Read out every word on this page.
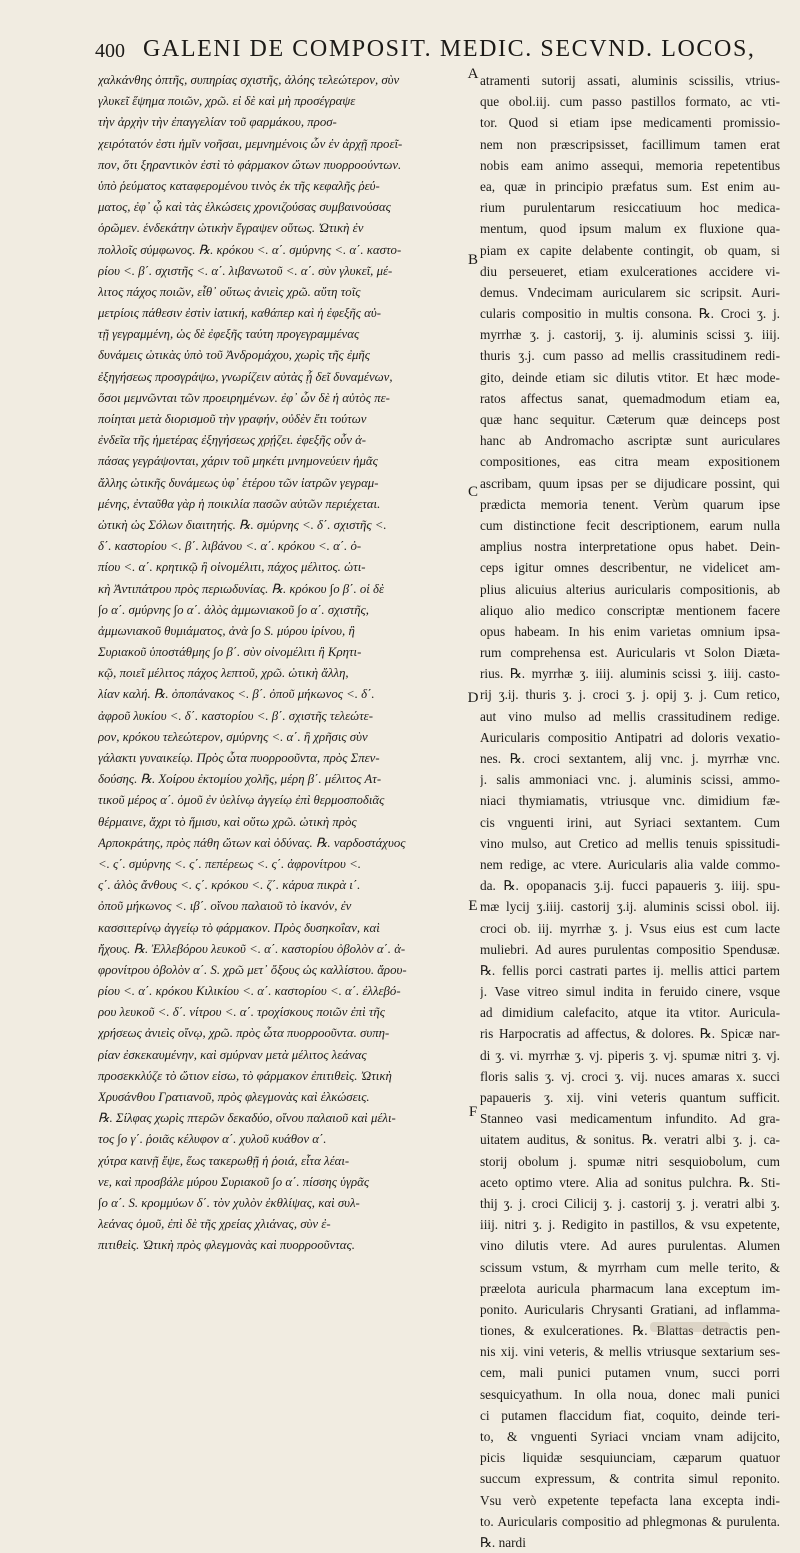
400 GALENI DE COMPOSIT. MEDIC. SECVND. LOCOS,
χαλκάνθης ὀπτῆς, συπηρίας σχιστῆς, ἀλόης τελεώτερον, σὺν
γλυκεῖ ἕψημα ποιῶν, χρῶ. εἰ δὲ καὶ μὴ προσέγραψε
τὴν ἀρχὴν τὴν ἐπαγγελίαν τοῦ φαρμάκου, προσ-
χειρότατόν ἐστι ἡμῖν νοῆσαι, μεμνημένοις ὧν ἐν ἀρχῇ προεῖ-
πον, ὅτι ξηραντικὸν ἐστὶ τὸ φάρμακον ὤτων πυορροούντων.
ὑπὸ ῥεύματος καταφερομένου τινὸς ἐκ τῆς κεφαλῆς ῥεύ-
ματος, ἐφ᾽ ᾧ καὶ τὰς ἑλκώσεις χρονιζούσας συμβαινούσας
ὁρῶμεν. ἑνδεκάτην ὠτικὴν ἔγραψεν οὕτως. Ὠτικὴ ἐν
πολλοῖς σύμφωνος. ℞. κρόκου <. α΄. σμύρνης <. α΄. καστο-
ρίου <. β΄. σχιστῆς <. α΄. λιβανωτοῦ <. α΄. σὺν γλυκεῖ, μέ-
λιτος πάχος ποιῶν, εἶθ᾽ οὕτως ἀνιεὶς χρῶ. αὕτη τοῖς
μετρίοις πάθεσιν ἐστὶν ἰατική, καθάπερ καὶ ἡ ἐφεξῆς αὐ-
τῇ γεγραμμένη, ὡς δὲ ἐφεξῆς ταύτη προγεγραμμένας
δυνάμεις ὠτικὰς ὑπὸ τοῦ Ἀνδρομάχου, χωρὶς τῆς ἐμῆς
ἐξηγήσεως προσγράψω, γνωρίζειν αὐτὰς ᾗ δεῖ δυναμένων,
ὅσοι μεμνῶνται τῶν προειρημένων. ἐφ᾽ ὧν δὲ ἡ αὐτὸς πε-
ποίηται μετὰ διορισμοῦ τὴν γραφήν, οὐδὲν ἔτι τούτων
ἐνδεῖα τῆς ἡμετέρας ἐξηγήσεως χρῄζει. ἐφεξῆς οὖν ἁ-
πάσας γεγράψονται, χάριν τοῦ μηκέτι μνημονεύειν ἡμᾶς
ἄλλης ὠτικῆς δυνάμεως ὑφ᾽ ἑτέρου τῶν ἰατρῶν γεγραμ-
μένης, ἐνταῦθα γὰρ ἡ ποικιλία πασῶν αὐτῶν περιέχεται.
ὠτικὴ ὡς Σόλων διαιτητής. ℞. σμύρνης <. δ΄. σχιστῆς <.
δ΄. καστορίου <. β΄. λιβάνου <. α΄. κρόκου <. α΄. ὀ-
πίου <. α΄. κρητικῷ ἢ οἰνομέλιτι, πάχος μέλιτος. ὠτι-
κὴ Ἀντιπάτρου πρὸς περιωδυνίας. ℞. κρόκου ∫ο β΄. οἱ δὲ
∫ο α΄. σμύρνης ∫ο α΄. ἁλὸς ἀμμωνιακοῦ ∫ο α΄. σχιστῆς,
ἀμμωνιακοῦ θυμιάματος, ἀνὰ ∫ο S. μύρου ἰρίνου, ἢ
Συριακοῦ ὑποστάθμης ∫ο β΄. σὺν οἰνομέλιτι ἢ Κρητι-
κῷ, ποιεῖ μέλιτος πάχος λεπτοῦ, χρῶ. ὠτικὴ ἄλλη,
λίαν καλή. ℞. ὀποπάνακος <. β΄. ὀποῦ μήκωνος <. δ΄.
ἀφροῦ λυκίου <. δ΄. καστορίου <. β΄. σχιστῆς τελεώτε-
ρον, κρόκου τελεώτερον, σμύρνης <. α΄. ἢ χρῆσις σὺν
γάλακτι γυναικείῳ. Πρὸς ὦτα πυορροοῦντα, πρὸς Σπεν-
δούσης. ℞. Χοίρου ἐκτομίου χολῆς, μέρη β΄. μέλιτος Ατ-
τικοῦ μέρος α΄. ὁμοῦ ἐν ὑελίνῳ ἀγγείῳ ἐπὶ θερμοσποδιᾶς
θέρμαινε, ἄχρι τὸ ἥμισυ, καὶ οὕτω χρῶ. ὠτικὴ πρὸς
Αρποκράτης, πρὸς πάθη ὤτων καὶ ὀδύνας. ℞. ναρδοστάχυος
<. ς΄. σμύρνης <. ς΄. πεπέρεως <. ς΄. ἀφρονίτρου <.
ς΄. ἁλὸς ἄνθους <. ς΄. κρόκου <. ζ΄. κάρυα πικρὰ ι΄.
ὀποῦ μήκωνος <. ιβ΄. οἴνου παλαιοῦ τὸ ἱκανόν, ἐν
κασσιτερίνῳ ἀγγείῳ τὸ φάρμακον. Πρὸς δυσηκοΐαν, καὶ
ἤχους. ℞. Ἐλλεβόρου λευκοῦ <. α΄. καστορίου ὀβολὸν α΄. ἀ-
φρονίτρου ὀβολὸν α΄. S. χρῶ μετ᾽ ὄξους ὡς καλλίστου. ἄρου-
ρίου <. α΄. κρόκου Κιλικίου <. α΄. καστορίου <. α΄. ἐλλεβό-
ρου λευκοῦ <. δ΄. νίτρου <. α΄. τροχίσκους ποιῶν ἐπὶ τῆς
χρήσεως ἀνιεὶς οἴνῳ, χρῶ. πρὸς ὦτα πυορροοῦντα. συπη-
ρίαν ἐσκεκαυμένην, καὶ σμύρναν μετὰ μέλιτος λεάνας
προσεκκλύζε τὸ ὤτιον εἰσω, τὸ φάρμακον ἐπιτιθεὶς. Ὠτικὴ
Χρυσάνθου Γρατιανοῦ, πρὸς φλεγμονὰς καὶ ἑλκώσεις.
℞. Σίλφας χωρὶς πτερῶν δεκαδύο, οἴνου παλαιοῦ καὶ μέλι-
τος ∫ο γ΄. ῥοιᾶς κέλυφον α΄. χυλοῦ κυάθον α΄.
χύτρα καινῇ ἕψε, ἕως τακερωθῇ ἡ ῥοιά, εἶτα λέαι-
νε, καὶ προσβάλε μύρου Συριακοῦ ∫ο α΄. πίσσης ὑγρᾶς
∫ο α΄. S. κρομμύων δ΄. τὸν χυλὸν ἐκθλίψας, καὶ συλ-
λεάνας ὁμοῦ, ἐπὶ δὲ τῆς χρείας χλιάνας, σὺν ἐ-
πιτιθεὶς. Ὠτικὴ πρὸς φλεγμονὰς καὶ πυορροοῦντας.
atramenti sutorij assati, aluminis scissilis, vtrius-
que obol.iij. cum passo pastillos formato, ac vti-
tor. Quod si etiam ipse medicamenti promissio-
nem non præscripsisset, facillimum tamen erat
nobis eam animo assequi, memoria repetentibus
ea, quæ in principio præfatus sum. Est enim au-
rium purulentarum resiccatiuum hoc medica-
mentum, quod ipsum malum ex fluxione qua-
piam ex capite delabente contingit, ob quam, si
diu perseueret, etiam exulcerationes accidere vi-
demus. Vndecimam auricularem sic scripsit. Auri-
cularis compositio in multis consona. ℞. Croci ʒ. j.
myrrhæ ʒ. j. castorij, ʒ. ij. aluminis scissi ʒ. iiij.
thuris ʒ.j. cum passo ad mellis crassitudinem redi-
gito, deinde etiam sic dilutis vtitor. Et hæc mode-
ratos affectus sanat, quemadmodum etiam ea,
quæ hanc sequitur. Cæterum quæ deinceps post
hanc ab Andromacho ascriptæ sunt auriculares
compositiones, eas citra meam expositionem
ascribam, quum ipsas per se dijudicare possint, qui
prædicta memoria tenent. Verùm quarum ipse
cum distinctione fecit descriptionem, earum nulla
amplius nostra interpretatione opus habet. Dein-
ceps igitur omnes describentur, ne videlicet am-
plius alicuius alterius auricularis compositionis, ab
aliquo alio medico conscriptæ mentionem facere
opus habeam. In his enim varietas omnium ipsa-
rum comprehensa est. Auricularis vt Solon Diæta-
rius. ℞. myrrhæ ʒ. iiij. aluminis scissi ʒ. iiij. casto-
rij ʒ.ij. thuris ʒ. j. croci ʒ. j. opij ʒ. j. Cum retico,
aut vino mulso ad mellis crassitudinem redige.
Auricularis compositio Antipatri ad doloris vexatio-
nes. ℞. croci sextantem, alij vnc. j. myrrhæ vnc.
j. salis ammoniaci vnc. j. aluminis scissi, ammo-
niaci thymiamatis, vtriusque vnc. dimidium fæ-
cis vnguenti irini, aut Syriaci sextantem. Cum
vino mulso, aut Cretico ad mellis tenuis spissitudi-
nem redige, ac vtere. Auricularis alia valde commo-
da. ℞. opopanacis ʒ.ij. fucci papaueris ʒ. iiij. spu-
mæ lycij ʒ.iiij. castorij ʒ.ij. aluminis scissi obol. iij.
croci ob. iij. myrrhæ ʒ. j. Vsus eius est cum lacte
muliebri. Ad aures purulentas compositio Spendusæ.
℞. fellis porci castrati partes ij. mellis attici partem
j. Vase vitreo simul indita in feruido cinere, vsque
ad dimidium calefacito, atque ita vtitor. Auricula-
ris Harpocratis ad affectus, & dolores. ℞. Spicæ nar-
di ʒ. vi. myrrhæ ʒ. vj. piperis ʒ. vj. spumæ nitri ʒ. vj.
floris salis ʒ. vj. croci ʒ. vij. nuces amaras x. succi
papaueris ʒ. xij. vini veteris quantum sufficit.
Stanneo vasi medicamentum infundito. Ad gra-
uitatem auditus, & sonitus. ℞. veratri albi ʒ. j. ca-
storij obolum j. spumæ nitri sesquiobolum, cum
aceto optimo vtere. Alia ad sonitus pulchra. ℞. Sti-
thij ʒ. j. croci Cilicij ʒ. j. castorij ʒ. j. veratri albi ʒ.
iiij. nitri ʒ. j. Redigito in pastillos, & vsu expetente,
vino dilutis vtere. Ad aures purulentas. Alumen
scissum vstum, & myrrham cum melle terito, &
præelota auricula pharmacum lana exceptum im-
ponito. Auricularis Chrysanti Gratiani, ad inflamma-
tiones, & exulcerationes. ℞. Blattas detractis pen-
nis xij. vini veteris, & mellis vtriusque sextarium ses-
cem, mali punici putamen vnum, succi porri
sesquicyathum. In olla noua, donec mali punici
ci putamen flaccidum fiat, coquito, deinde teri-
to, & vnguenti Syriaci vnciam vnam adijcito,
picis liquidæ sesquiunciam, cæparum quatuor
succum expressum, & contrita simul reponito.
Vsu verò expetente tepefacta lana excepta indi-
to. Auricularis compositio ad phlegmonas & purulenta.
℞. nardi
A
B
C
D
E
F
